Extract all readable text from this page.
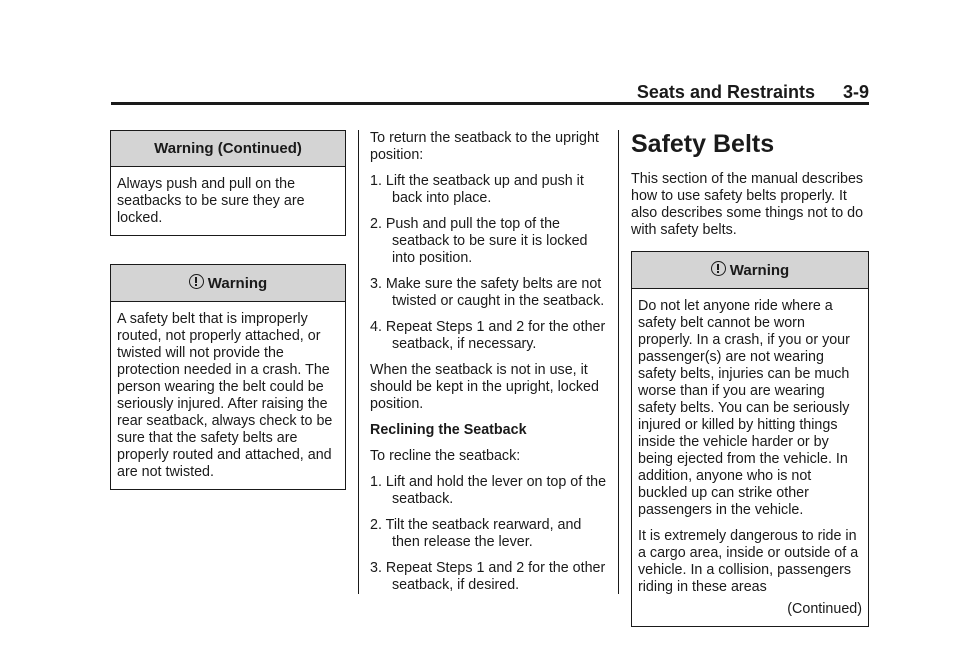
Seats and Restraints 3-9
Warning (Continued)

Always push and pull on the seatbacks to be sure they are locked.

Warning

A safety belt that is improperly routed, not properly attached, or twisted will not provide the protection needed in a crash. The person wearing the belt could be seriously injured. After raising the rear seatback, always check to be sure that the safety belts are properly routed and attached, and are not twisted.

To return the seatback to the upright position:

1. Lift the seatback up and push it back into place.

2. Push and pull the top of the seatback to be sure it is locked into position.

3. Make sure the safety belts are not twisted or caught in the seatback.

4. Repeat Steps 1 and 2 for the other seatback, if necessary.

When the seatback is not in use, it should be kept in the upright, locked position.

Reclining the Seatback

To recline the seatback:

1. Lift and hold the lever on top of the seatback.

2. Tilt the seatback rearward, and then release the lever.

3. Repeat Steps 1 and 2 for the other seatback, if desired.

Safety Belts

This section of the manual describes how to use safety belts properly. It also describes some things not to do with safety belts.

Warning

Do not let anyone ride where a safety belt cannot be worn properly. In a crash, if you or your passenger(s) are not wearing safety belts, injuries can be much worse than if you are wearing safety belts. You can be seriously injured or killed by hitting things inside the vehicle harder or by being ejected from the vehicle. In addition, anyone who is not buckled up can strike other passengers in the vehicle.

It is extremely dangerous to ride in a cargo area, inside or outside of a vehicle. In a collision, passengers riding in these areas

(Continued)
